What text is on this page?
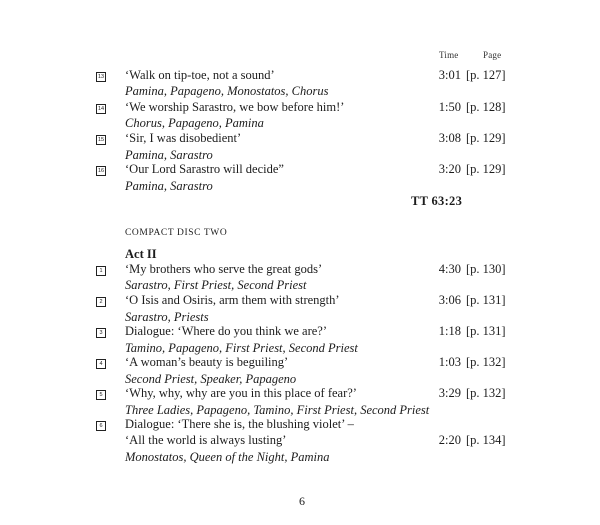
Time	Page
13 ‘Walk on tip-toe, not a sound’
Pamina, Papageno, Monostatos, Chorus
3:01 [p. 127]
14 ‘We worship Sarastro, we bow before him!’
Chorus, Papageno, Pamina
1:50 [p. 128]
15 ‘Sir, I was disobedient’
Pamina, Sarastro
3:08 [p. 129]
16 ‘Our Lord Sarastro will decide”
Pamina, Sarastro
3:20 [p. 129]
TT 63:23
COMPACT DISC TWO
Act II
1 ‘My brothers who serve the great gods’
Sarastro, First Priest, Second Priest
4:30 [p. 130]
2 ‘O Isis and Osiris, arm them with strength’
Sarastro, Priests
3:06 [p. 131]
3 Dialogue: ‘Where do you think we are?’
Tamino, Papageno, First Priest, Second Priest
1:18 [p. 131]
4 ‘A woman’s beauty is beguiling’
Second Priest, Speaker, Papageno
1:03 [p. 132]
5 ‘Why, why, why are you in this place of fear?’
Three Ladies, Papageno, Tamino, First Priest, Second Priest
3:29 [p. 132]
6 Dialogue: ‘There she is, the blushing violet’ –
‘All the world is always lusting’
Monostatos, Queen of the Night, Pamina
2:20 [p. 134]
6
